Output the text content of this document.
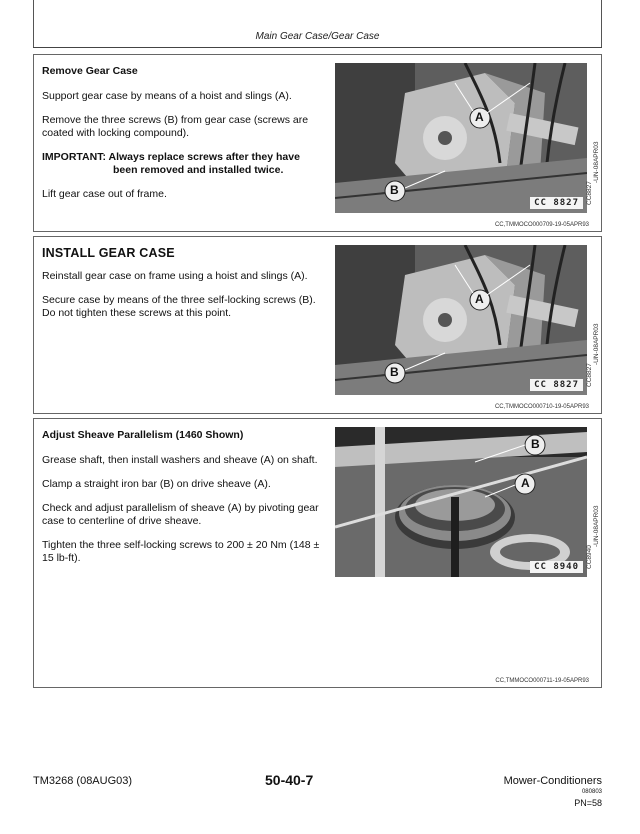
Main Gear Case/Gear Case
Remove Gear Case

Support gear case by means of a hoist and slings (A).

Remove the three screws (B) from gear case (screws are coated with locking compound).

IMPORTANT: Always replace screws after they have
been removed and installed twice.

Lift gear case out of frame.

A
B
CC 8827	CC8827 -UN-08APR03
CC,TMMOCO000709-19-05APR93
INSTALL GEAR CASE

Reinstall gear case on frame using a hoist and slings (A).

Secure case by means of the three self-locking screws (B). Do not tighten these screws at this point.

A
B
CC 8827	CC8827 -UN-08APR03
CC,TMMOCO000710-19-05APR93
Adjust Sheave Parallelism (1460 Shown)

Grease shaft, then install washers and sheave (A) on shaft.

Clamp a straight iron bar (B) on drive sheave (A).

Check and adjust parallelism of sheave (A) by pivoting gear case to centerline of drive sheave.

Tighten the three self-locking screws to 200 ± 20 Nm (148 ± 15 lb-ft).

B
A
CC 8940	CC8940 -UN-08APR03
CC,TMMOCO000711-19-05APR93
TM3268 (08AUG03)	50-40-7	Mower-Conditioners
080803
PN=58
